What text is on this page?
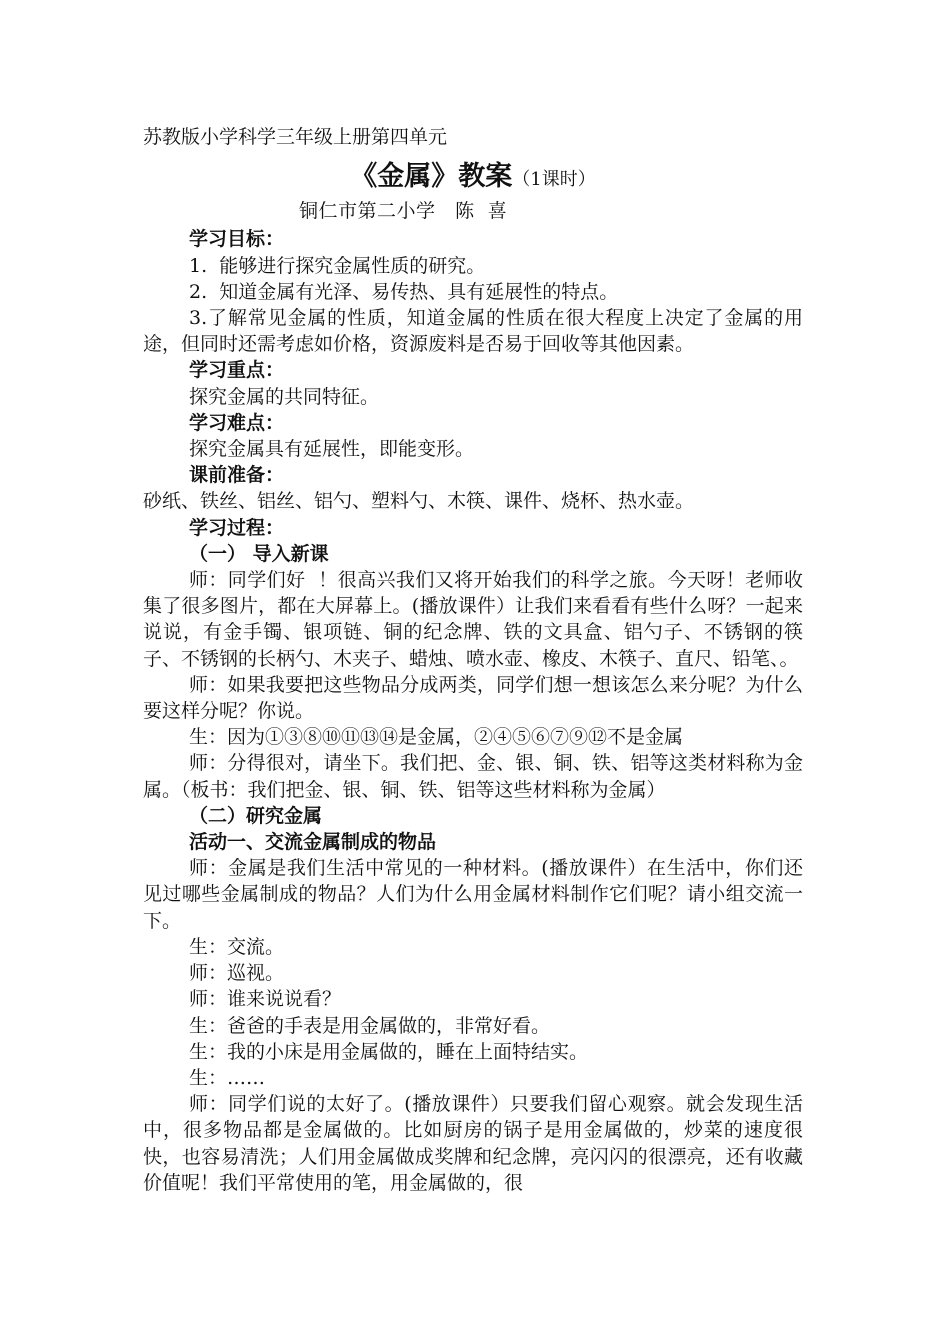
苏教版小学科学三年级上册第四单元
《金属》教案（1课时）
铜仁市第二小学   陈  喜
学习目标：
1.  能够进行探究金属性质的研究。
2.  知道金属有光泽、易传热、具有延展性的特点。
3.了解常见金属的性质，知道金属的性质在很大程度上决定了金属的用途，但同时还需考虑如价格，资源废料是否易于回收等其他因素。
学习重点：
探究金属的共同特征。
学习难点：
探究金属具有延展性，即能变形。
课前准备：
砂纸、铁丝、铝丝、铝勺、塑料勺、木筷、课件、烧杯、热水壶。
学习过程：
（一） 导入新课
师：同学们好  ！很高兴我们又将开始我们的科学之旅。今天呀！老师收集了很多图片，都在大屏幕上。(播放课件）让我们来看看有些什么呀？一起来说说，有金手镯、银项链、铜的纪念牌、铁的文具盒、铝勺子、不锈钢的筷子、不锈钢的长柄勺、木夹子、蜡烛、喷水壶、橡皮、木筷子、直尺、铅笔、。
师：如果我要把这些物品分成两类，同学们想一想该怎么来分呢？为什么要这样分呢？你说。
生：因为①③⑧⑩⑪⑬⑭是金属，②④⑤⑥⑦⑨⑫不是金属
师：分得很对，请坐下。我们把、金、银、铜、铁、铝等这类材料称为金属。（板书：我们把金、银、铜、铁、铝等这些材料称为金属）
（二）研究金属
活动一、交流金属制成的物品
师：金属是我们生活中常见的一种材料。(播放课件）在生活中，你们还见过哪些金属制成的物品？人们为什么用金属材料制作它们呢？请小组交流一下。
生：交流。
师：巡视。
师：谁来说说看？
生：爸爸的手表是用金属做的，非常好看。
生：我的小床是用金属做的，睡在上面特结实。
生：……
师：同学们说的太好了。(播放课件）只要我们留心观察。就会发现生活中，很多物品都是金属做的。比如厨房的锅子是用金属做的，炒菜的速度很快，也容易清洗；人们用金属做成奖牌和纪念牌，亮闪闪的很漂亮，还有收藏价值呢！我们平常使用的笔，用金属做的，很
